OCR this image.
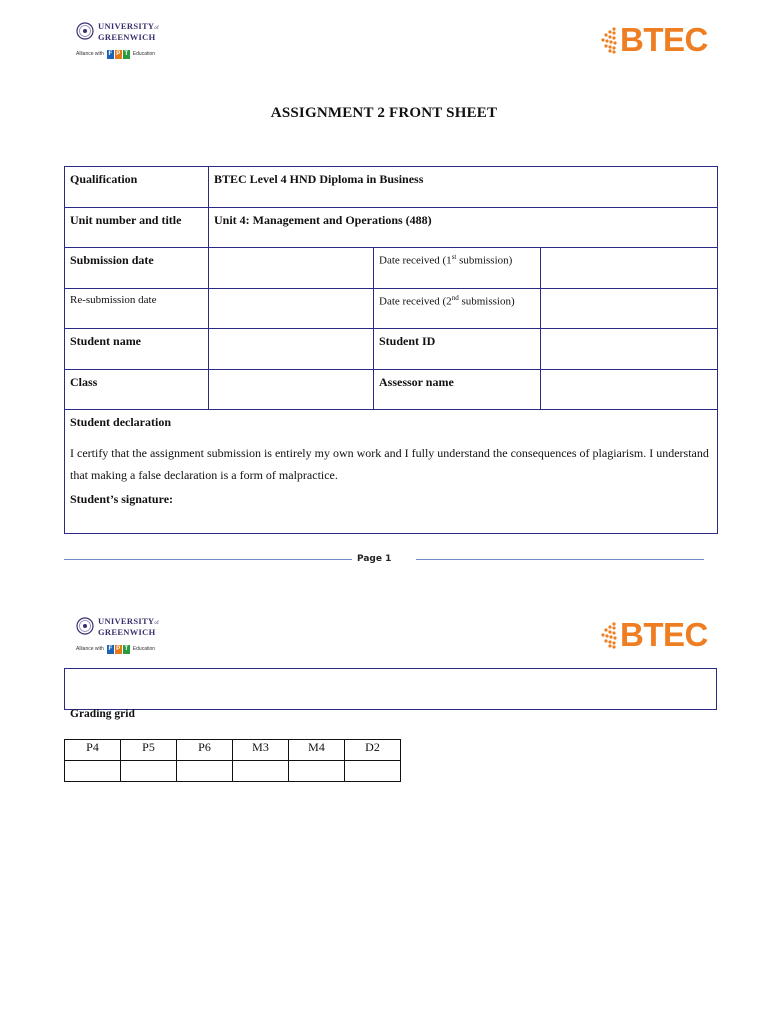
UNIVERSITYof
GREENWICH
Alliance with F P T Education	BTEC
ASSIGNMENT 2 FRONT SHEET
Qualification	BTEC Level 4 HND Diploma in Business		
Unit number and title	Unit 4: Management and Operations (488)		
Submission date		Date received (1st submission)	
Re-submission date		Date received (2nd submission)	
Student name		Student ID	
Class		Assessor name	

Student declaration
I certify that the assignment submission is entirely my own work and I fully understand the consequences of plagiarism. I understand that making a false declaration is a form of malpractice.
Student’s signature:			
Page 1
UNIVERSITYof
GREENWICH
Alliance with F P T Education	BTEC
Grading grid
P4	P5	P6	M3	M4	D2
